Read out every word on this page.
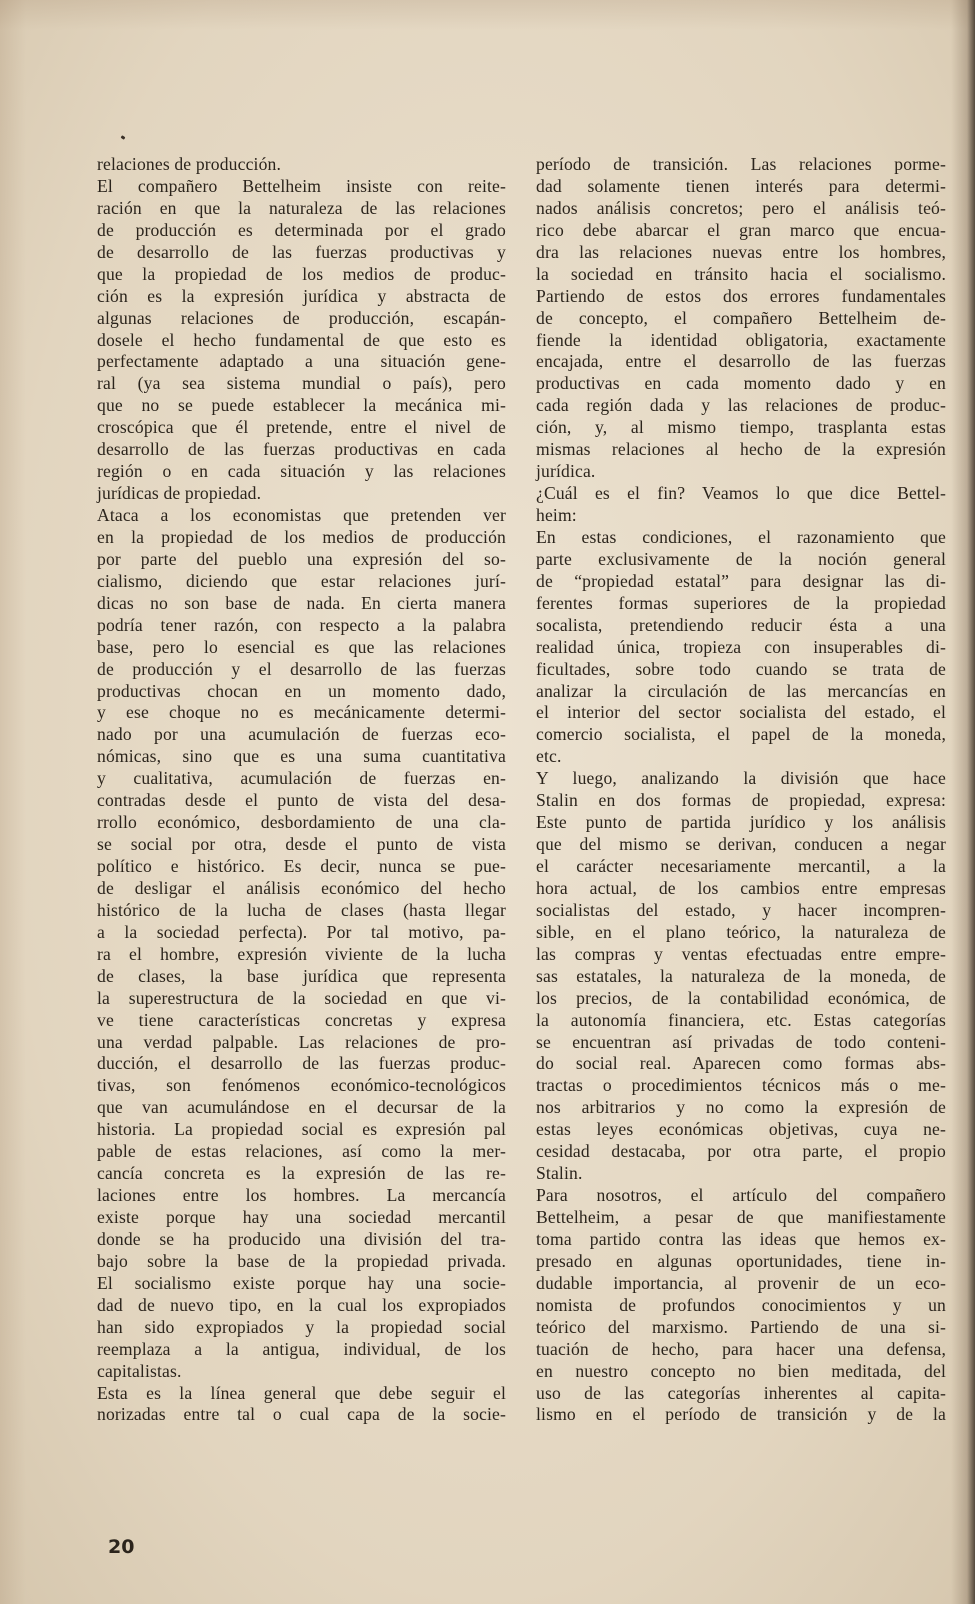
relaciones de producción.
El compañero Bettelheim insiste con reite-
ración en que la naturaleza de las relaciones
de producción es determinada por el grado
de desarrollo de las fuerzas productivas y
que la propiedad de los medios de produc-
ción es la expresión jurídica y abstracta de
algunas relaciones de producción, escapán-
dosele el hecho fundamental de que esto es
perfectamente adaptado a una situación gene-
ral (ya sea sistema mundial o país), pero
que no se puede establecer la mecánica mi-
croscópica que él pretende, entre el nivel de
desarrollo de las fuerzas productivas en cada
región o en cada situación y las relaciones
jurídicas de propiedad.
Ataca a los economistas que pretenden ver
en la propiedad de los medios de producción
por parte del pueblo una expresión del so-
cialismo, diciendo que estar relaciones jurí-
dicas no son base de nada. En cierta manera
podría tener razón, con respecto a la palabra
base, pero lo esencial es que las relaciones
de producción y el desarrollo de las fuerzas
productivas chocan en un momento dado,
y ese choque no es mecánicamente determi-
nado por una acumulación de fuerzas eco-
nómicas, sino que es una suma cuantitativa
y cualitativa, acumulación de fuerzas en-
contradas desde el punto de vista del desa-
rrollo económico, desbordamiento de una cla-
se social por otra, desde el punto de vista
político e histórico. Es decir, nunca se pue-
de desligar el análisis económico del hecho
histórico de la lucha de clases (hasta llegar
a la sociedad perfecta). Por tal motivo, pa-
ra el hombre, expresión viviente de la lucha
de clases, la base jurídica que representa
la superestructura de la sociedad en que vi-
ve tiene características concretas y expresa
una verdad palpable. Las relaciones de pro-
ducción, el desarrollo de las fuerzas produc-
tivas, son fenómenos económico-tecnológicos
que van acumulándose en el decursar de la
historia. La propiedad social es expresión pal
pable de estas relaciones, así como la mer-
cancía concreta es la expresión de las re-
laciones entre los hombres. La mercancía
existe porque hay una sociedad mercantil
donde se ha producido una división del tra-
bajo sobre la base de la propiedad privada.
El socialismo existe porque hay una socie-
dad de nuevo tipo, en la cual los expropiados
han sido expropiados y la propiedad social
reemplaza a la antigua, individual, de los
capitalistas.
Esta es la línea general que debe seguir el
norizadas entre tal o cual capa de la socie-
período de transición. Las relaciones porme-
dad solamente tienen interés para determi-
nados análisis concretos; pero el análisis teó-
rico debe abarcar el gran marco que encua-
dra las relaciones nuevas entre los hombres,
la sociedad en tránsito hacia el socialismo.
Partiendo de estos dos errores fundamentales
de concepto, el compañero Bettelheim de-
fiende la identidad obligatoria, exactamente
encajada, entre el desarrollo de las fuerzas
productivas en cada momento dado y en
cada región dada y las relaciones de produc-
ción, y, al mismo tiempo, trasplanta estas
mismas relaciones al hecho de la expresión
jurídica.
¿Cuál es el fin? Veamos lo que dice Bettel-
heim:
En estas condiciones, el razonamiento que
parte exclusivamente de la noción general
de “propiedad estatal” para designar las di-
ferentes formas superiores de la propiedad
socalista, pretendiendo reducir ésta a una
realidad única, tropieza con insuperables di-
ficultades, sobre todo cuando se trata de
analizar la circulación de las mercancías en
el interior del sector socialista del estado, el
comercio socialista, el papel de la moneda,
etc.
Y luego, analizando la división que hace
Stalin en dos formas de propiedad, expresa:
Este punto de partida jurídico y los análisis
que del mismo se derivan, conducen a negar
el carácter necesariamente mercantil, a la
hora actual, de los cambios entre empresas
socialistas del estado, y hacer incompren-
sible, en el plano teórico, la naturaleza de
las compras y ventas efectuadas entre empre-
sas estatales, la naturaleza de la moneda, de
los precios, de la contabilidad económica, de
la autonomía financiera, etc. Estas categorías
se encuentran así privadas de todo conteni-
do social real. Aparecen como formas abs-
tractas o procedimientos técnicos más o me-
nos arbitrarios y no como la expresión de
estas leyes económicas objetivas, cuya ne-
cesidad destacaba, por otra parte, el propio
Stalin.
Para nosotros, el artículo del compañero
Bettelheim, a pesar de que manifiestamente
toma partido contra las ideas que hemos ex-
presado en algunas oportunidades, tiene in-
dudable importancia, al provenir de un eco-
nomista de profundos conocimientos y un
teórico del marxismo. Partiendo de una si-
tuación de hecho, para hacer una defensa,
en nuestro concepto no bien meditada, del
uso de las categorías inherentes al capita-
lismo en el período de transición y de la
20
